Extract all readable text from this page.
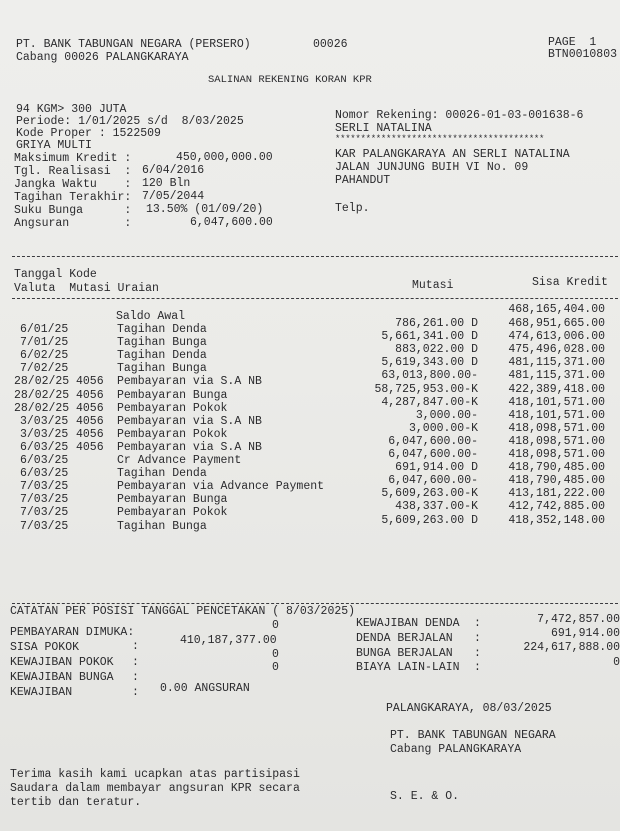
PT. BANK TABUNGAN NEGARA (PERSERO)
Cabang 00026 PALANGKARAYA
00026	PAGE  1
BTN0010803
SALINAN REKENING KORAN KPR
94 KGM> 300 JUTA
Periode: 1/01/2025 s/d  8/03/2025
Kode Proper : 1522509
GRIYA MULTI
Maksimum Kredit :	450,000,000.00
Tgl. Realisasi  : 6/04/2016
Jangka Waktu    : 120 Bln
Tagihan Terakhir: 7/05/2044
Suku Bunga      : 13.50% (01/09/20)
Angsuran        :	6,047,600.00
Nomor Rekening: 00026-01-03-001638-6
SERLI NATALINA
*****************************************
KAR PALANGKARAYA AN SERLI NATALINA
JALAN JUNJUNG BUIH VI No. 09
PAHANDUT
Telp.
Tanggal Kode
Valuta  Mutasi Uraian	Mutasi	Sisa Kredit
Saldo Awal
468,165,404.00
6/01/25	Tagihan Denda	786,261.00 D	468,951,665.00
7/01/25	Tagihan Bunga	5,661,341.00 D	474,613,006.00
6/02/25	Tagihan Denda	883,022.00 D	475,496,028.00
7/02/25	Tagihan Bunga	5,619,343.00 D	481,115,371.00
28/02/25 4056 Pembayaran via S.A NB	63,013,800.00-	481,115,371.00
28/02/25 4056 Pembayaran Bunga	58,725,953.00-K	422,389,418.00
28/02/25 4056 Pembayaran Pokok	4,287,847.00-K	418,101,571.00
3/03/25 4056 Pembayaran via S.A NB	3,000.00-	418,101,571.00
3/03/25 4056 Pembayaran Pokok	3,000.00-K	418,098,571.00
6/03/25 4056 Pembayaran via S.A NB	6,047,600.00-	418,098,571.00
6/03/25	Cr Advance Payment	6,047,600.00-	418,098,571.00
6/03/25	Tagihan Denda	691,914.00 D	418,790,485.00
7/03/25	Pembayaran via Advance Payment	6,047,600.00-	418,790,485.00
7/03/25	Pembayaran Bunga	5,609,263.00-K	413,181,222.00
7/03/25	Pembayaran Pokok	438,337.00-K	412,742,885.00
7/03/25	Tagihan Bunga	5,609,263.00 D	418,352,148.00
CATATAN PER POSISI TANGGAL PENCETAKAN ( 8/03/2025)
PEMBAYARAN DIMUKA:
0
SISA POKOK	:	410,187,377.00
KEWAJIBAN POKOK :
0
KEWAJIBAN BUNGA :
0
KEWAJIBAN	: 0.00 ANGSURAN
KEWAJIBAN DENDA :	7,472,857.00
DENDA BERJALAN :	691,914.00
BUNGA BERJALAN :	224,617,888.00
BIAYA LAIN-LAIN :	0
PALANGKARAYA, 08/03/2025
PT. BANK TABUNGAN NEGARA
Cabang PALANGKARAYA
Terima kasih kami ucapkan atas partisipasi
Saudara dalam membayar angsuran KPR secara
tertib dan teratur.	S. E. & O.
